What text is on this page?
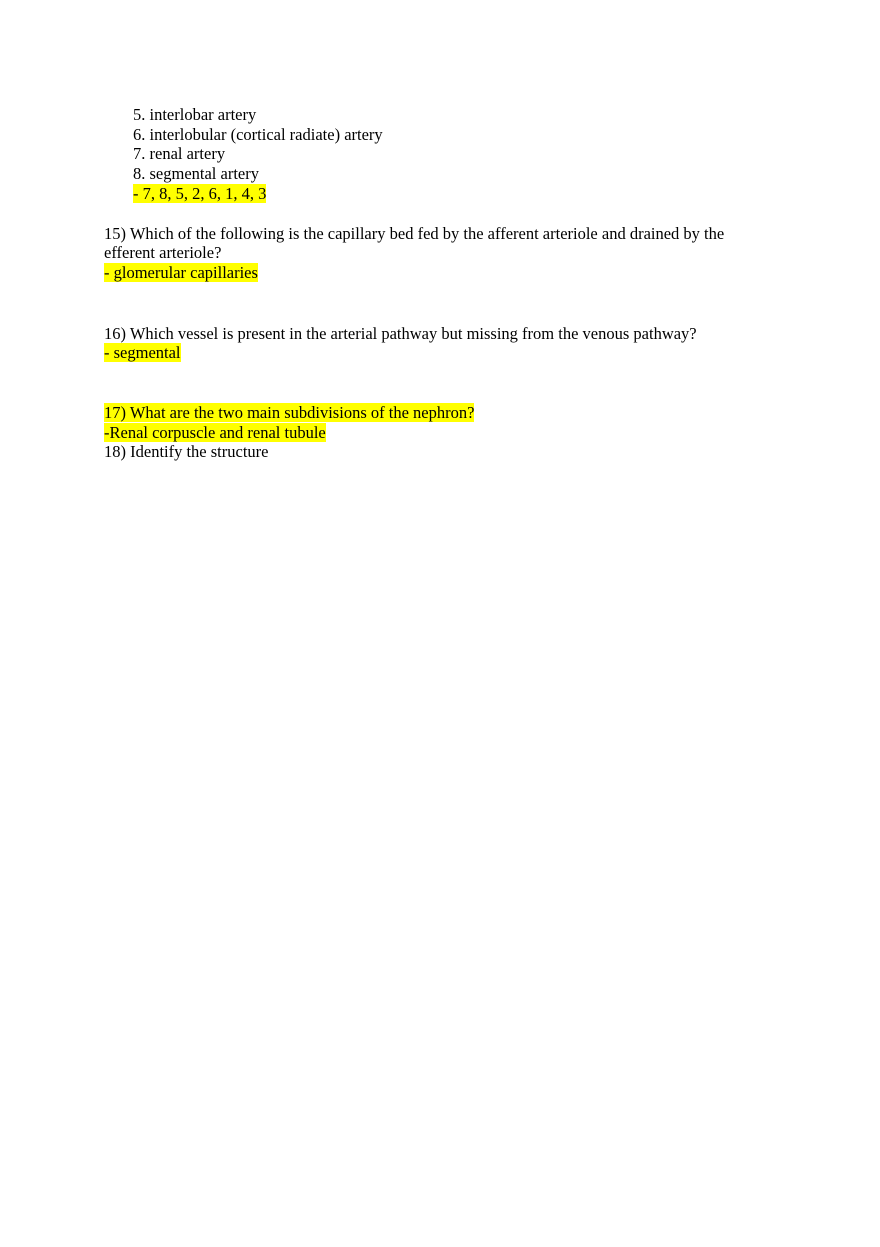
5. interlobar artery
6. interlobular (cortical radiate) artery
7. renal artery
8. segmental artery
- 7, 8, 5, 2, 6, 1, 4, 3
15) Which of the following is the capillary bed fed by the afferent arteriole and drained by the
efferent arteriole?
- glomerular capillaries
16) Which vessel is present in the arterial pathway but missing from the venous pathway?
- segmental
17) What are the two main subdivisions of the nephron?
-Renal corpuscle and renal tubule
18) Identify the structure
